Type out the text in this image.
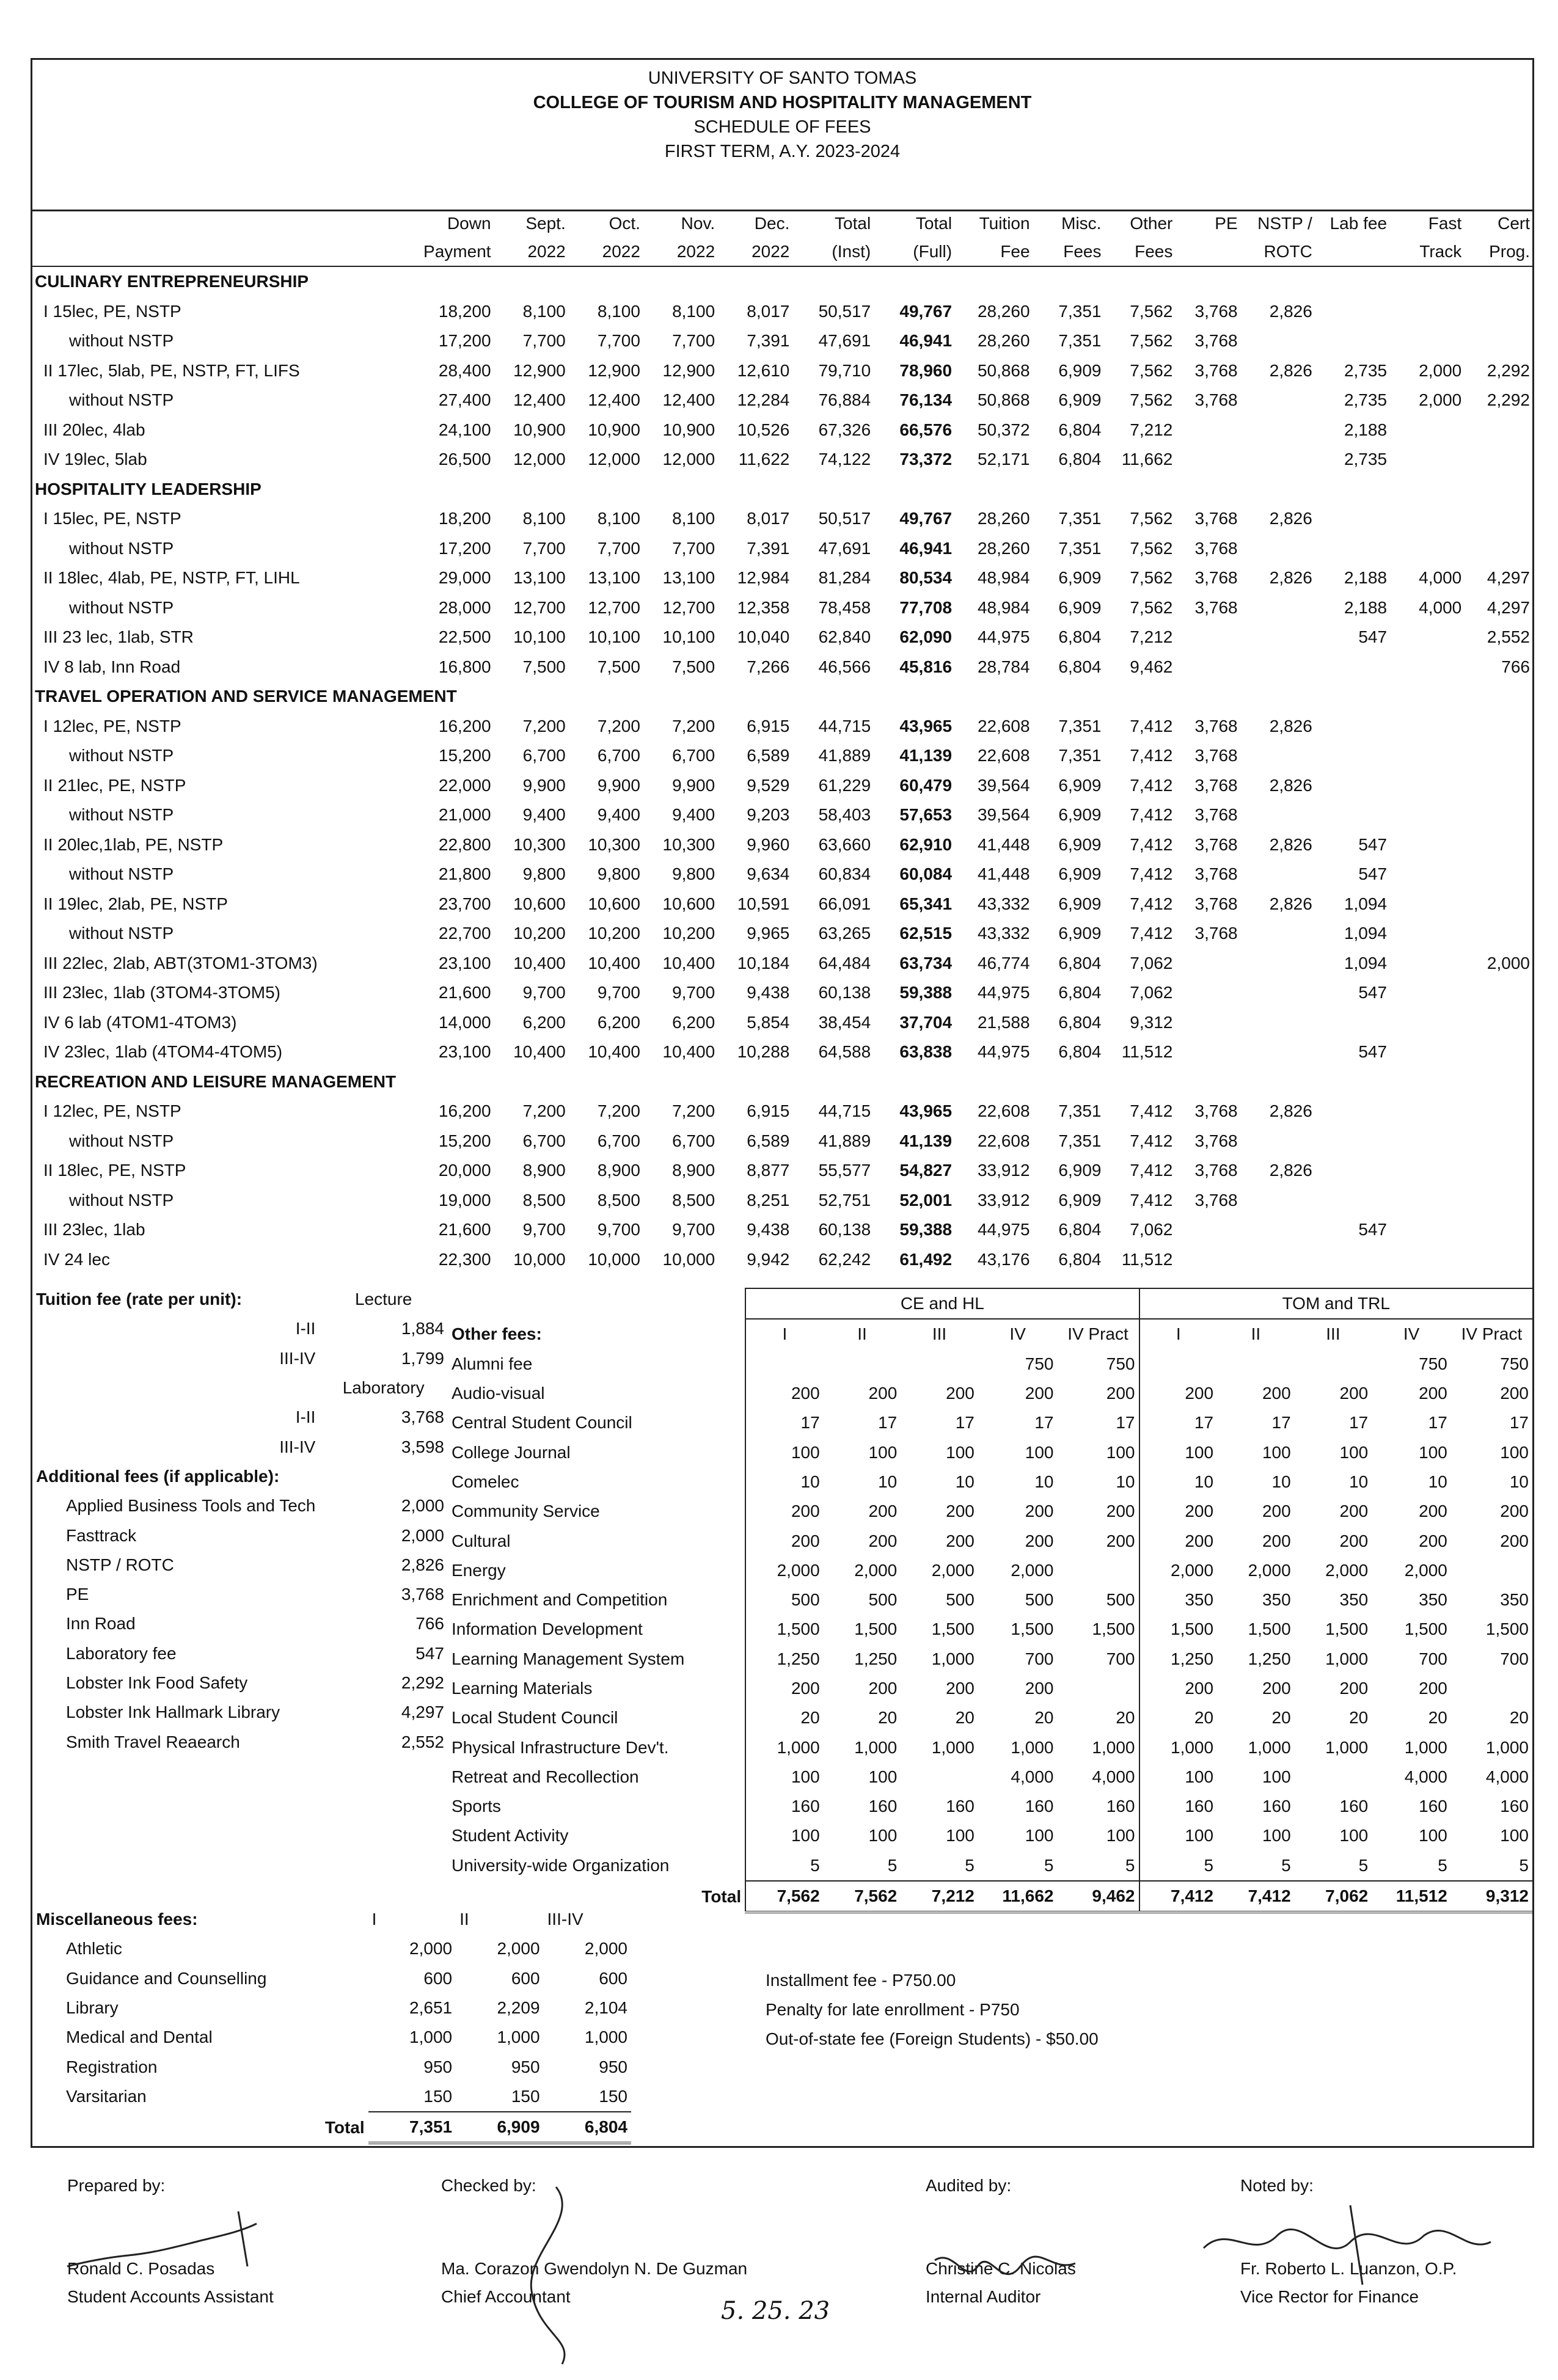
UNIVERSITY OF SANTO TOMAS
COLLEGE OF TOURISM AND HOSPITALITY MANAGEMENT
SCHEDULE OF FEES
FIRST TERM, A.Y. 2023-2024
	Down	Sept.	Oct.	Nov.	Dec.	Total	Total	Tuition	Misc.	Other	PE	NSTP /	Lab fee	Fast	Cert
	Payment	2022	2022	2022	2022	(Inst)	(Full)	Fee	Fees	Fees		ROTC		Track	Prog.
CULINARY ENTREPRENEURSHIP															
I 15lec, PE, NSTP	18,200	8,100	8,100	8,100	8,017	50,517	49,767	28,260	7,351	7,562	3,768	2,826			
without NSTP	17,200	7,700	7,700	7,700	7,391	47,691	46,941	28,260	7,351	7,562	3,768				
II 17lec, 5lab, PE, NSTP, FT, LIFS	28,400	12,900	12,900	12,900	12,610	79,710	78,960	50,868	6,909	7,562	3,768	2,826	2,735	2,000	2,292
without NSTP	27,400	12,400	12,400	12,400	12,284	76,884	76,134	50,868	6,909	7,562	3,768		2,735	2,000	2,292
III 20lec, 4lab	24,100	10,900	10,900	10,900	10,526	67,326	66,576	50,372	6,804	7,212			2,188		
IV 19lec, 5lab	26,500	12,000	12,000	12,000	11,622	74,122	73,372	52,171	6,804	11,662			2,735		
HOSPITALITY LEADERSHIP															
I 15lec, PE, NSTP	18,200	8,100	8,100	8,100	8,017	50,517	49,767	28,260	7,351	7,562	3,768	2,826			
without NSTP	17,200	7,700	7,700	7,700	7,391	47,691	46,941	28,260	7,351	7,562	3,768				
II 18lec, 4lab, PE, NSTP, FT, LIHL	29,000	13,100	13,100	13,100	12,984	81,284	80,534	48,984	6,909	7,562	3,768	2,826	2,188	4,000	4,297
without NSTP	28,000	12,700	12,700	12,700	12,358	78,458	77,708	48,984	6,909	7,562	3,768		2,188	4,000	4,297
III 23 lec, 1lab, STR	22,500	10,100	10,100	10,100	10,040	62,840	62,090	44,975	6,804	7,212			547		2,552
IV 8 lab, Inn Road	16,800	7,500	7,500	7,500	7,266	46,566	45,816	28,784	6,804	9,462					766
TRAVEL OPERATION AND SERVICE MANAGEMENT															
I 12lec, PE, NSTP	16,200	7,200	7,200	7,200	6,915	44,715	43,965	22,608	7,351	7,412	3,768	2,826			
without NSTP	15,200	6,700	6,700	6,700	6,589	41,889	41,139	22,608	7,351	7,412	3,768				
II 21lec, PE, NSTP	22,000	9,900	9,900	9,900	9,529	61,229	60,479	39,564	6,909	7,412	3,768	2,826			
without NSTP	21,000	9,400	9,400	9,400	9,203	58,403	57,653	39,564	6,909	7,412	3,768				
II 20lec,1lab, PE, NSTP	22,800	10,300	10,300	10,300	9,960	63,660	62,910	41,448	6,909	7,412	3,768	2,826	547		
without NSTP	21,800	9,800	9,800	9,800	9,634	60,834	60,084	41,448	6,909	7,412	3,768		547		
II 19lec, 2lab, PE, NSTP	23,700	10,600	10,600	10,600	10,591	66,091	65,341	43,332	6,909	7,412	3,768	2,826	1,094		
without NSTP	22,700	10,200	10,200	10,200	9,965	63,265	62,515	43,332	6,909	7,412	3,768		1,094		
III 22lec, 2lab, ABT(3TOM1-3TOM3)	23,100	10,400	10,400	10,400	10,184	64,484	63,734	46,774	6,804	7,062			1,094		2,000
III 23lec, 1lab (3TOM4-3TOM5)	21,600	9,700	9,700	9,700	9,438	60,138	59,388	44,975	6,804	7,062			547		
IV 6 lab (4TOM1-4TOM3)	14,000	6,200	6,200	6,200	5,854	38,454	37,704	21,588	6,804	9,312					
IV 23lec, 1lab (4TOM4-4TOM5)	23,100	10,400	10,400	10,400	10,288	64,588	63,838	44,975	6,804	11,512			547		
RECREATION AND LEISURE MANAGEMENT															
I 12lec, PE, NSTP	16,200	7,200	7,200	7,200	6,915	44,715	43,965	22,608	7,351	7,412	3,768	2,826			
without NSTP	15,200	6,700	6,700	6,700	6,589	41,889	41,139	22,608	7,351	7,412	3,768				
II 18lec, PE, NSTP	20,000	8,900	8,900	8,900	8,877	55,577	54,827	33,912	6,909	7,412	3,768	2,826			
without NSTP	19,000	8,500	8,500	8,500	8,251	52,751	52,001	33,912	6,909	7,412	3,768				
III 23lec, 1lab	21,600	9,700	9,700	9,700	9,438	60,138	59,388	44,975	6,804	7,062			547		
IV 24 lec	22,300	10,000	10,000	10,000	9,942	62,242	61,492	43,176	6,804	11,512					
Tuition fee (rate per unit):		Lecture
	I-II	1,884
	III-IV	1,799
		Laboratory
	I-II	3,768
	III-IV	3,598
Additional fees (if applicable):		
Applied Business Tools and Tech		2,000
Fasttrack		2,000
NSTP / ROTC		2,826
PE		3,768
Inn Road		766
Laboratory fee		547
Lobster Ink Food Safety		2,292
Lobster Ink Hallmark Library		4,297
Smith Travel Reaearch		2,552
	CE and HL					TOM and TRL				
Other fees:	I	II	III	IV	IV Pract	I	II	III	IV	IV Pract
Alumni fee				750	750				750	750
Audio-visual	200	200	200	200	200	200	200	200	200	200
Central Student Council	17	17	17	17	17	17	17	17	17	17
College Journal	100	100	100	100	100	100	100	100	100	100
Comelec	10	10	10	10	10	10	10	10	10	10
Community Service	200	200	200	200	200	200	200	200	200	200
Cultural	200	200	200	200	200	200	200	200	200	200
Energy	2,000	2,000	2,000	2,000		2,000	2,000	2,000	2,000	
Enrichment and Competition	500	500	500	500	500	350	350	350	350	350
Information Development	1,500	1,500	1,500	1,500	1,500	1,500	1,500	1,500	1,500	1,500
Learning Management System	1,250	1,250	1,000	700	700	1,250	1,250	1,000	700	700
Learning Materials	200	200	200	200		200	200	200	200	
Local Student Council	20	20	20	20	20	20	20	20	20	20
Physical Infrastructure Dev't.	1,000	1,000	1,000	1,000	1,000	1,000	1,000	1,000	1,000	1,000
Retreat and Recollection	100	100		4,000	4,000	100	100		4,000	4,000
Sports	160	160	160	160	160	160	160	160	160	160
Student Activity	100	100	100	100	100	100	100	100	100	100
University-wide Organization	5	5	5	5	5	5	5	5	5	5
Total	7,562	7,562	7,212	11,662	9,462	7,412	7,412	7,062	11,512	9,312
Miscellaneous fees:	I	II	III-IV
Athletic	2,000	2,000	2,000
Guidance and Counselling	600	600	600
Library	2,651	2,209	2,104
Medical and Dental	1,000	1,000	1,000
Registration	950	950	950
Varsitarian	150	150	150
Total	7,351	6,909	6,804
Installment fee - P750.00
Penalty for late enrollment - P750
Out-of-state fee (Foreign Students) - $50.00
Prepared by:
Ronald C. Posadas
Student Accounts Assistant
Checked by:
Ma. Corazon Gwendolyn N. De Guzman
Chief Accountant
5. 25. 23
Audited by:
Christine C. Nicolas
Internal Auditor
Noted by:
Fr. Roberto L. Luanzon, O.P.
Vice Rector for Finance
